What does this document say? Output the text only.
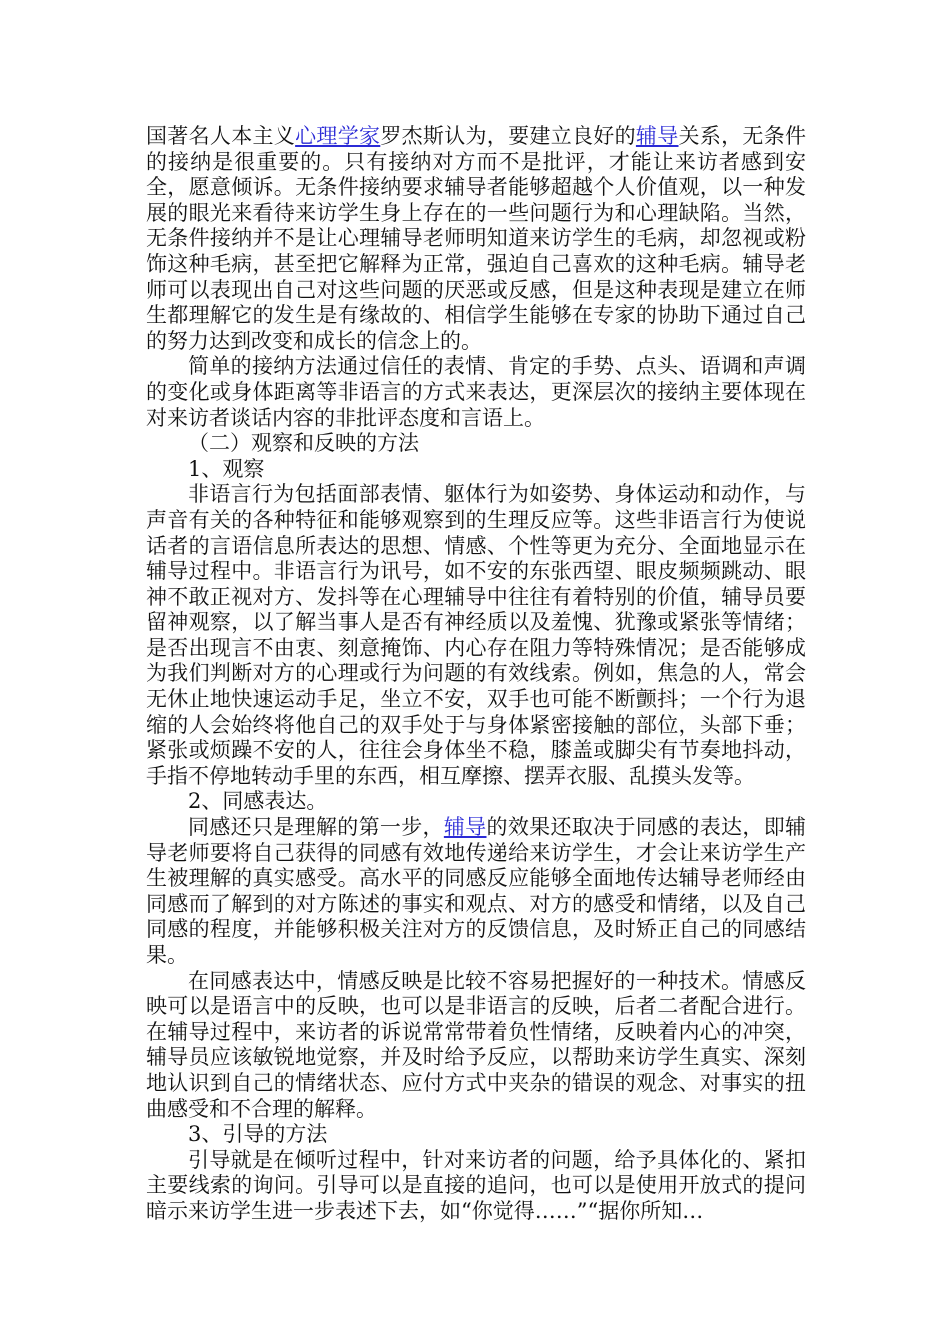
国著名人本主义心理学家罗杰斯认为，要建立良好的辅导关系，无条件的接纳是很重要的。只有接纳对方而不是批评，才能让来访者感到安全，愿意倾诉。无条件接纳要求辅导者能够超越个人价值观，以一种发展的眼光来看待来访学生身上存在的一些问题行为和心理缺陷。当然，无条件接纳并不是让心理辅导老师明知道来访学生的毛病，却忽视或粉饰这种毛病，甚至把它解释为正常，强迫自己喜欢的这种毛病。辅导老师可以表现出自己对这些问题的厌恶或反感，但是这种表现是建立在师生都理解它的发生是有缘故的、相信学生能够在专家的协助下通过自己的努力达到改变和成长的信念上的。

简单的接纳方法通过信任的表情、肯定的手势、点头、语调和声调的变化或身体距离等非语言的方式来表达，更深层次的接纳主要体现在对来访者谈话内容的非批评态度和言语上。

（二）观察和反映的方法

1、观察

非语言行为包括面部表情、躯体行为如姿势、身体运动和动作，与声音有关的各种特征和能够观察到的生理反应等。这些非语言行为使说话者的言语信息所表达的思想、情感、个性等更为充分、全面地显示在辅导过程中。非语言行为讯号，如不安的东张西望、眼皮频频跳动、眼神不敢正视对方、发抖等在心理辅导中往往有着特别的价值，辅导员要留神观察，以了解当事人是否有神经质以及羞愧、犹豫或紧张等情绪；是否出现言不由衷、刻意掩饰、内心存在阻力等特殊情况；是否能够成为我们判断对方的心理或行为问题的有效线索。例如，焦急的人，常会无休止地快速运动手足，坐立不安，双手也可能不断颤抖；一个行为退缩的人会始终将他自己的双手处于与身体紧密接触的部位，头部下垂；紧张或烦躁不安的人，往往会身体坐不稳，膝盖或脚尖有节奏地抖动，手指不停地转动手里的东西，相互摩擦、摆弄衣服、乱摸头发等。

2、同感表达。

同感还只是理解的第一步，辅导的效果还取决于同感的表达，即辅导老师要将自己获得的同感有效地传递给来访学生，才会让来访学生产生被理解的真实感受。高水平的同感反应能够全面地传达辅导老师经由同感而了解到的对方陈述的事实和观点、对方的感受和情绪，以及自己同感的程度，并能够积极关注对方的反馈信息，及时矫正自己的同感结果。

在同感表达中，情感反映是比较不容易把握好的一种技术。情感反映可以是语言中的反映，也可以是非语言的反映，后者二者配合进行。在辅导过程中，来访者的诉说常常带着负性情绪，反映着内心的冲突，辅导员应该敏锐地觉察，并及时给予反应，以帮助来访学生真实、深刻地认识到自己的情绪状态、应付方式中夹杂的错误的观念、对事实的扭曲感受和不合理的解释。

3、引导的方法

引导就是在倾听过程中，针对来访者的问题，给予具体化的、紧扣主要线索的询问。引导可以是直接的追问，也可以是使用开放式的提问暗示来访学生进一步表述下去，如“你觉得……”“据你所知…
